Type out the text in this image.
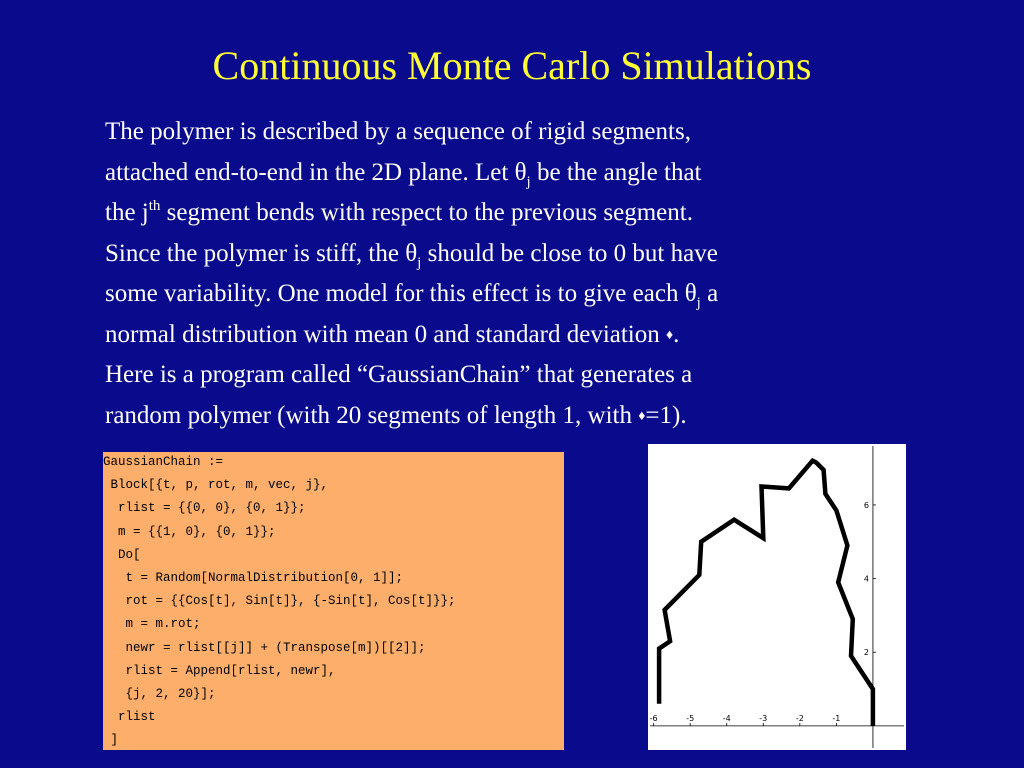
Continuous Monte Carlo Simulations
The polymer is described by a sequence of rigid segments,
attached end-to-end in the 2D plane. Let $\theta_j$ be the angle that
the $j^{th}$ segment bends with respect to the previous segment.
Since the polymer is stiff, the $\theta_j$ should be close to 0 but have
some variability. One model for this effect is to give each $\theta_j$ a
normal distribution with mean 0 and standard deviation ♦.
Here is a program called “GaussianChain” that generates a
random polymer (with 20 segments of length 1, with ♦=1).
GaussianChain :=
Block[{t, p, rot, m, vec, j},
rlist = {{0, 0}, {0, 1}};
m = {{1, 0}, {0, 1}};
Do[
t = Random[NormalDistribution[0, 1]];
rot = {{Cos[t], Sin[t]}, {-Sin[t], Cos[t]}};
m = m.rot;
newr = rlist[[j]] + (Transpose[m])[[2]];
rlist = Append[rlist, newr],
{j, 2, 20}];
rlist
]
-6	-5	-4	-3	-2	-1
2
4
6
